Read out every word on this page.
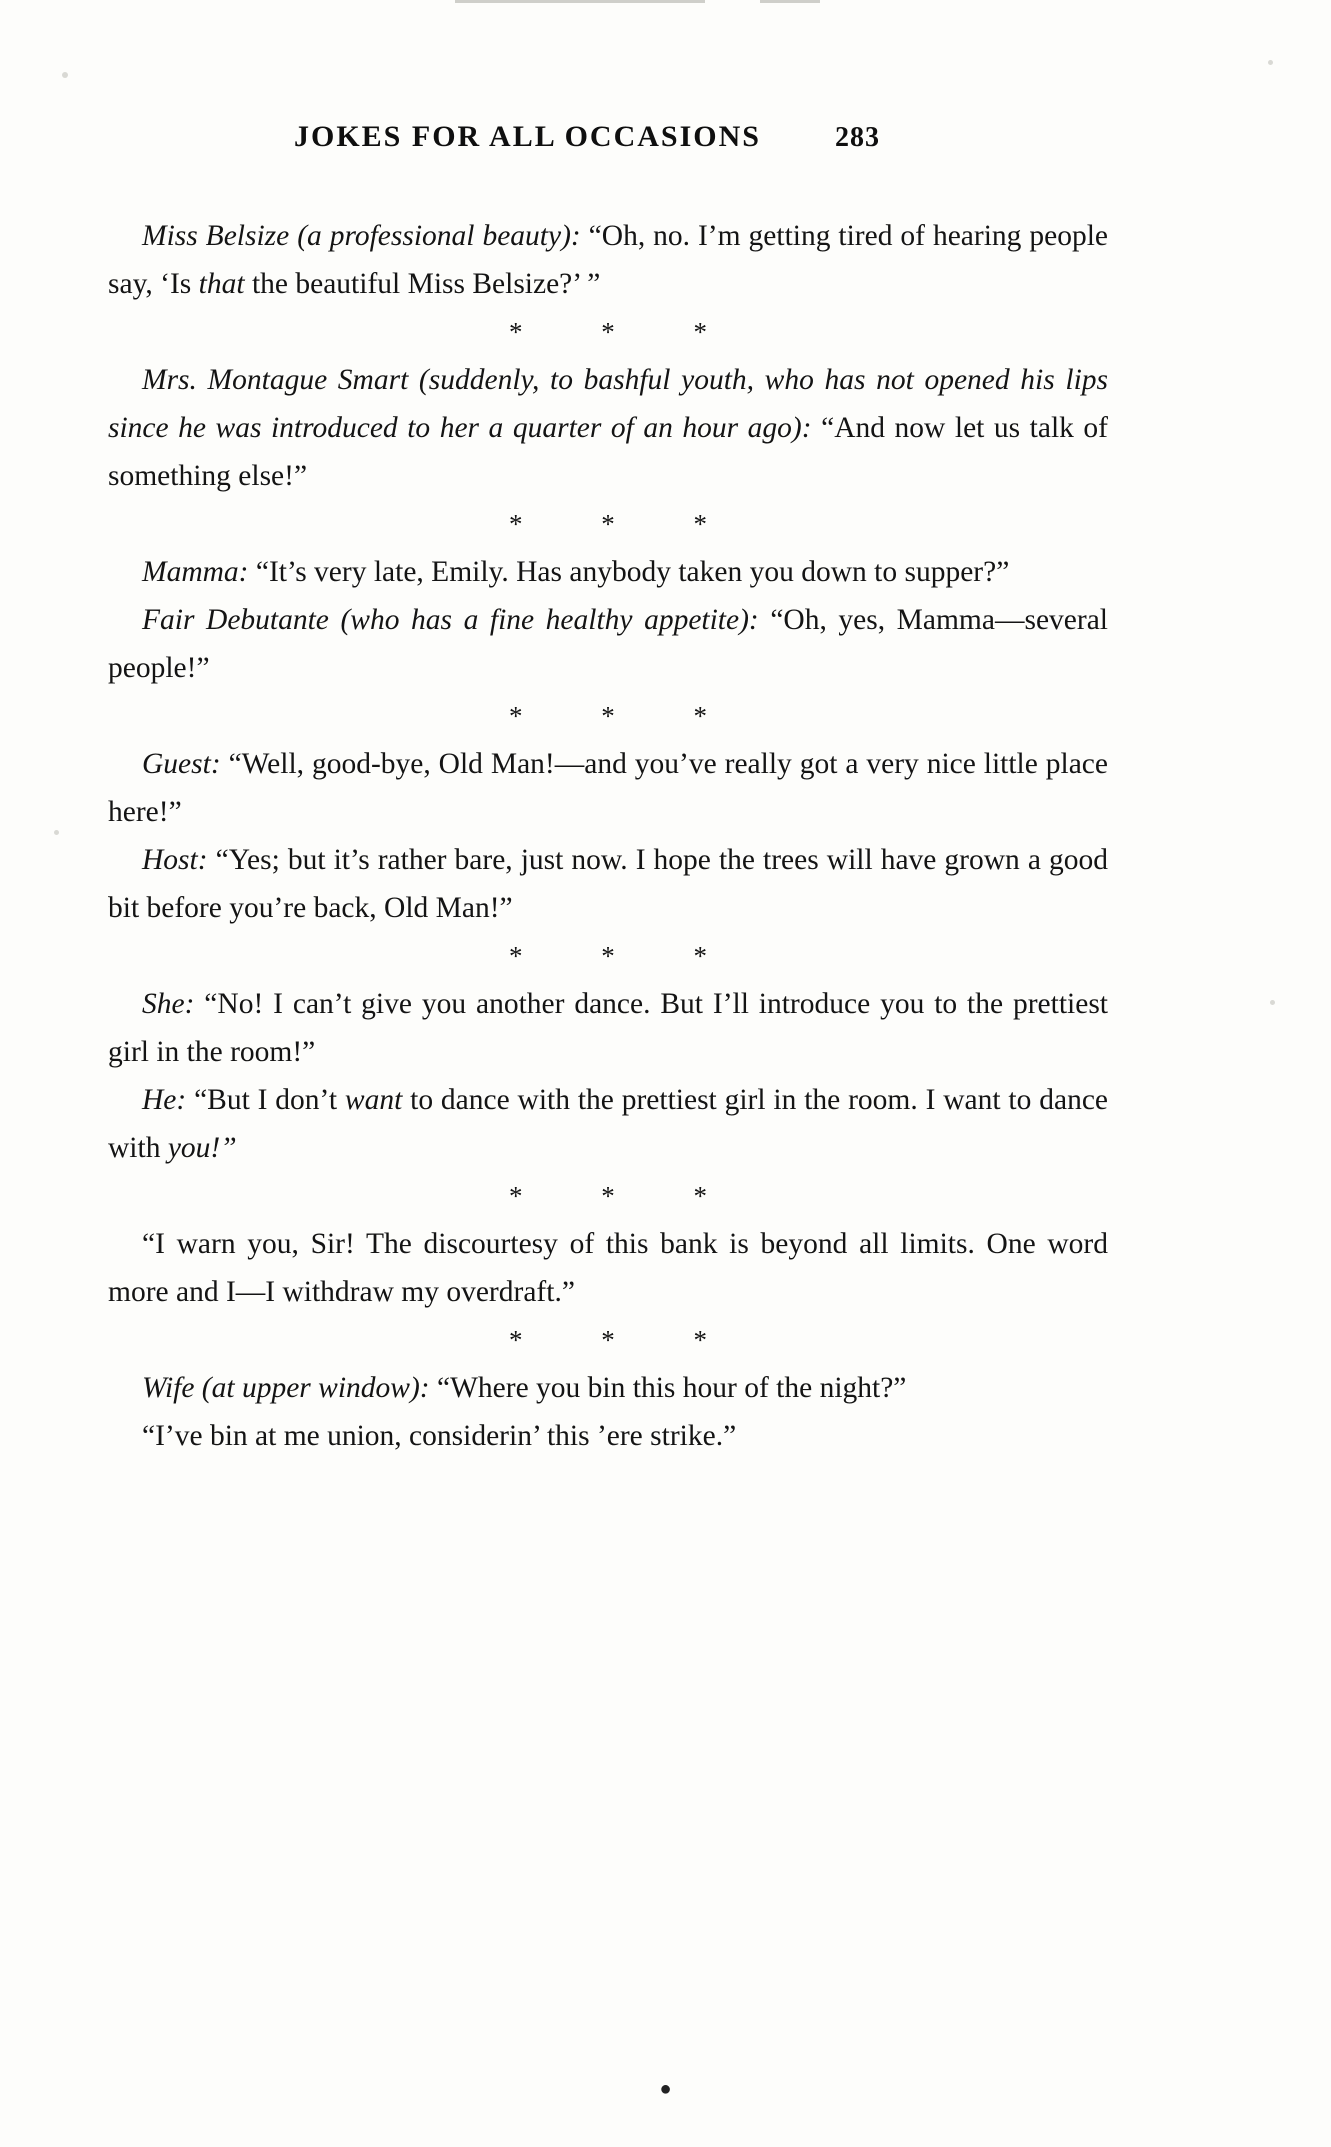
JOKES FOR ALL OCCASIONS	283

Miss Belsize (a professional beauty): “Oh, no. I’m getting tired of hearing people say, ‘Is that the beautiful Miss Belsize?’ ”

* * *

Mrs. Montague Smart (suddenly, to bashful youth, who has not opened his lips since he was introduced to her a quarter of an hour ago): “And now let us talk of something else!”

* * *

Mamma: “It’s very late, Emily. Has anybody taken you down to supper?”

Fair Debutante (who has a fine healthy appetite): “Oh, yes, Mamma—several people!”

* * *

Guest: “Well, good-bye, Old Man!—and you’ve really got a very nice little place here!”

Host: “Yes; but it’s rather bare, just now. I hope the trees will have grown a good bit before you’re back, Old Man!”

* * *

She: “No! I can’t give you another dance. But I’ll introduce you to the prettiest girl in the room!”

He: “But I don’t want to dance with the prettiest girl in the room. I want to dance with you!”

* * *

“I warn you, Sir! The discourtesy of this bank is beyond all limits. One word more and I—I withdraw my overdraft.”

* * *

Wife (at upper window): “Where you bin this hour of the night?”

“I’ve bin at me union, considerin’ this ’ere strike.”

●
